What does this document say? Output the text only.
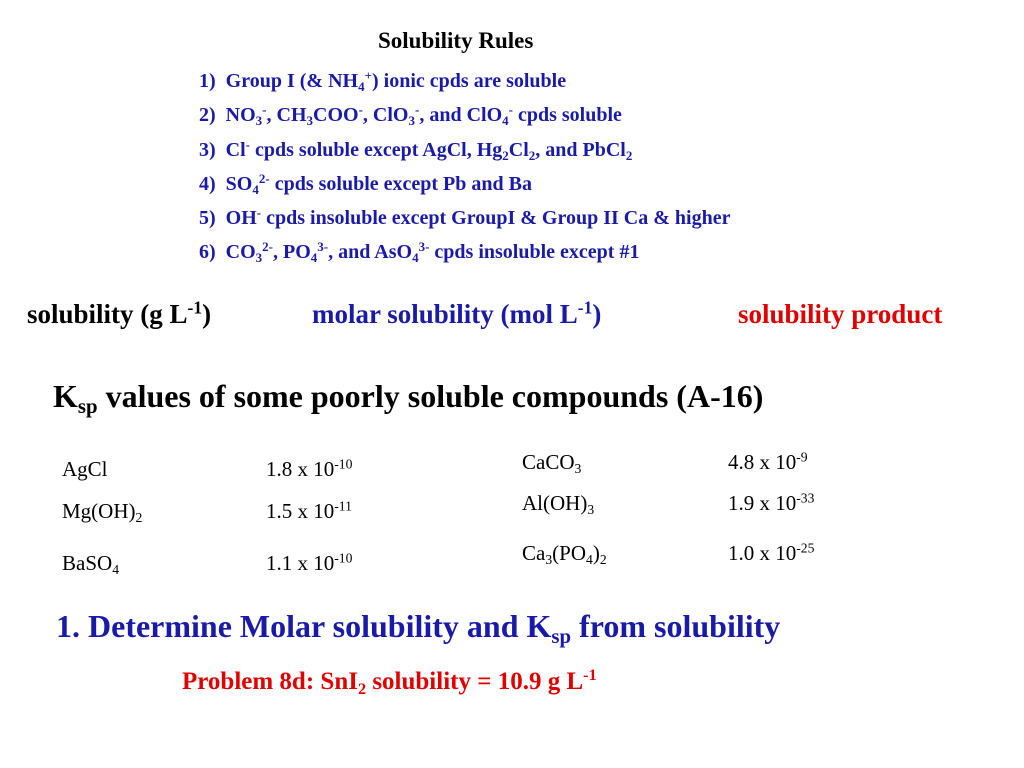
Solubility Rules
1) Group I (& $NH_4^+$) ionic cpds are soluble
2) $NO_3^-$, $CH_3COO^-$, ClO$_3$-, and ClO$_4$- cpds soluble
3) Cl- cpds soluble except AgCl, $Hg_2Cl_2$, and PbCl$_2$
4) $SO_4^{2-}$ cpds soluble except Pb and Ba
5) OH- cpds insoluble except GroupI & Group II Ca & higher
6) $CO_3^{2-}$, $PO_4^{3-}$, and AsO$_4^{3-}$ cpds insoluble except #1
solubility (g $L^{-1}$)	molar solubility (mol $L^{-1}$)	solubility product
$K_{sp}$ values of some poorly soluble compounds (A-16)
AgCl	1.8 x $10^{-10}$
$Mg(OH)_2$	1.5 x $10^{-11}$
BaSO$_4$	1.1 x $10^{-10}$
CaCO$_3$	4.8 x $10^{-9}$
$Al(OH)_3$	1.9 x $10^{-33}$
$Ca_3(PO_4)_2$	1.0 x $10^{-25}$
1. Determine Molar solubility and $K_{sp}$ from solubility
Problem 8d: SnI$_2$ solubility = 10.9 g $L^{-1}$
